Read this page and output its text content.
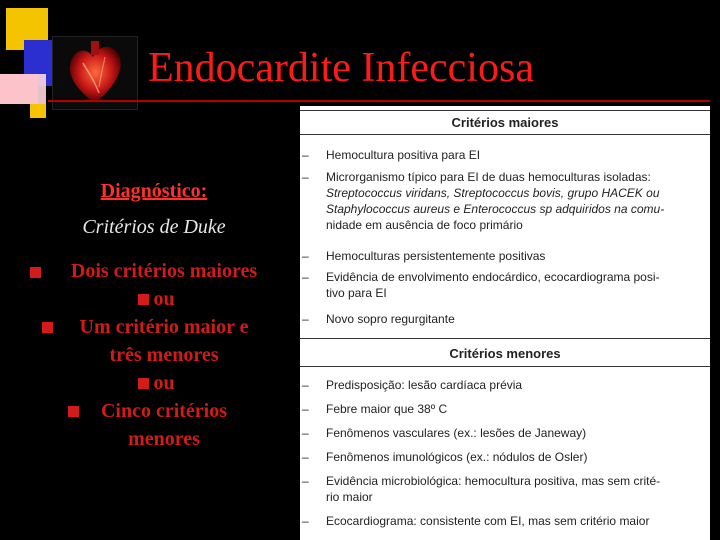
Endocardite Infecciosa
Diagnóstico:
Critérios de Duke
Dois critérios maiores
ou
Um critério maior e
três menores
ou
Cinco critérios
menores
Critérios maiores
–	Hemocultura positiva para EI
–	Microrganismo típico para EI de duas hemoculturas isoladas:
Streptococcus viridans, Streptococcus bovis, grupo HACEK ou
Staphylococcus aureus e Enterococcus sp adquiridos na comu-
nidade em ausência de foco primário
–	Hemoculturas persistentemente positivas
–	Evidência de envolvimento endocárdico, ecocardiograma posi-
tivo para EI
–	Novo sopro regurgitante
Critérios menores
–	Predisposição: lesão cardíaca prévia
–	Febre maior que 38º C
–	Fenômenos vasculares (ex.: lesões de Janeway)
–	Fenômenos imunológicos (ex.: nódulos de Osler)
–	Evidência microbiológica: hemocultura positiva, mas sem crité-
rio maior
–	Ecocardiograma: consistente com EI, mas sem critério maior
